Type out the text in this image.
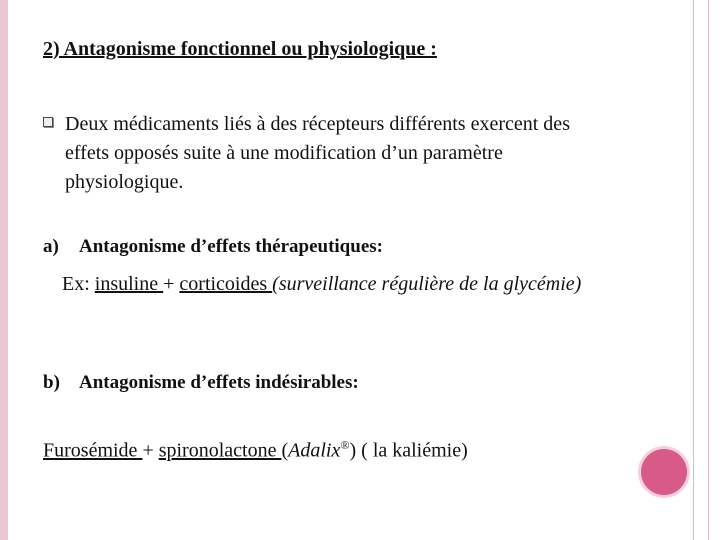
2) Antagonisme fonctionnel ou physiologique :
Deux médicaments liés à des récepteurs différents exercent des effets opposés suite à une modification d’un paramètre physiologique.
a) Antagonisme d’effets thérapeutiques:
Ex: insuline + corticoides (surveillance régulière de la glycémie)
b) Antagonisme d’effets indésirables:
Furosémide + spironolactone (Adalix®) ( la kaliémie)
